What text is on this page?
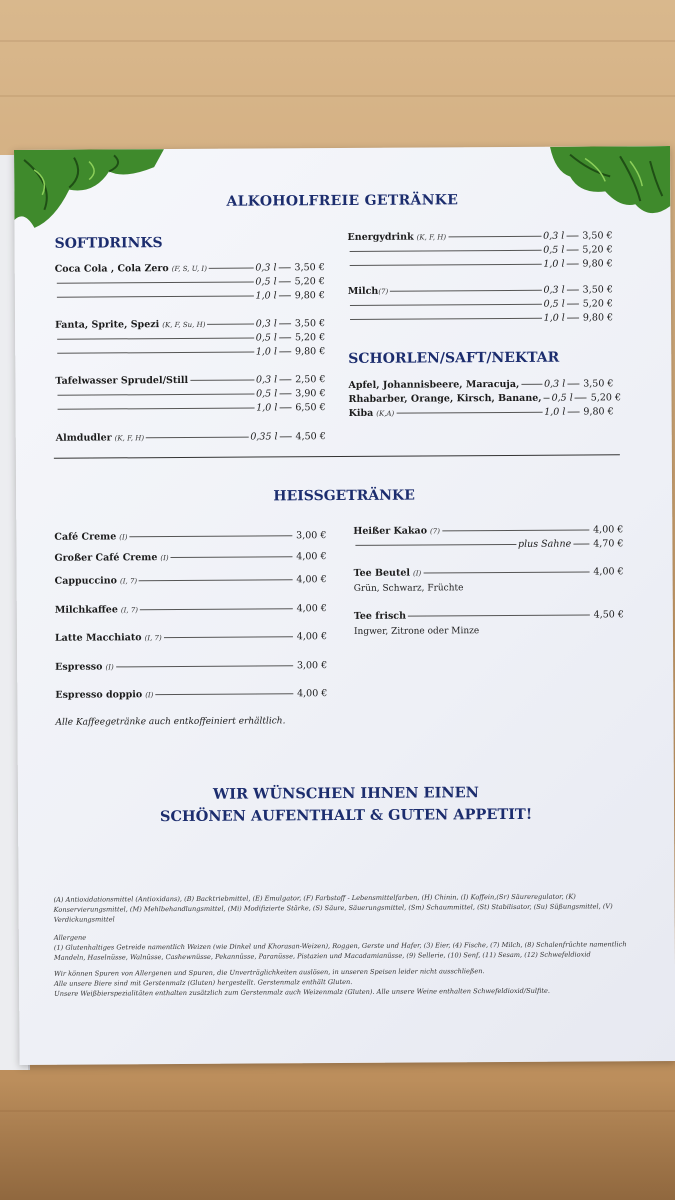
ALKOHOLFREIE GETRÄNKE
SOFTDRINKS
Coca Cola , Cola Zero (F, S, U, I)	0,3 l 3,50 €
0,5 l 5,20 €
1,0 l 9,80 €
Fanta, Sprite, Spezi (K, F, Su, H)	0,3 l 3,50 €
0,5 l 5,20 €
1,0 l 9,80 €
Tafelwasser Sprudel/Still	0,3 l 2,50 €
0,5 l 3,90 €
1,0 l 6,50 €
Almdudler (K, F, H)	0,35 l 4,50 €
Energydrink (K, F, H)	0,3 l 3,50 €
0,5 l 5,20 €
1,0 l 9,80 €
Milch (7)	0,3 l 3,50 €
0,5 l 5,20 €
1,0 l 9,80 €
SCHORLEN/SAFT/NEKTAR
Apfel, Johannisbeere, Maracuja,	0,3 l 3,50 €
Rhabarber, Orange, Kirsch, Banane, 0,5 l 5,20 €
Kiba (K,A)	1,0 l 9,80 €
HEISSGETRÄNKE
Café Creme (I)	3,00 €
Großer Café Creme (I)	4,00 €
Cappuccino (I, 7)	4,00 €
Milchkaffee (I, 7)	4,00 €
Latte Macchiato (I, 7)	4,00 €
Espresso (I)	3,00 €
Espresso doppio (I)	4,00 €
Alle Kaffeegetränke auch entkoffeiniert erhältlich.
Heißer Kakao (7)	4,00 €
plus Sahne 4,70 €
Tee Beutel (I)	4,00 €
Grün, Schwarz, Früchte
Tee frisch	4,50 €
Ingwer, Zitrone oder Minze
WIR WÜNSCHEN IHNEN EINEN
SCHÖNEN AUFENTHALT & GUTEN APPETIT!

(A) Antioxidationsmittel (Antioxidans), (B) Backtriebmittel, (E) Emulgator, (F) Farbstoff - Lebensmittelfarben, (H) Chinin, (I) Koffein,(Sr) Säureregulator, (K) Konservierungsmittel, (M) Mehlbehandlungsmittel, (Mi) Modifizierte Stärke, (S) Säure, Säuerungsmittel, (Sm) Schaummittel, (St) Stabilisator, (Su) Süßungsmittel, (V) Verdickungsmittel

Allergene

(1) Glutenhaltiges Getreide namentlich Weizen (wie Dinkel und Khorasan-Weizen), Roggen, Gerste und Hafer, (3) Eier, (4) Fische, (7) Milch, (8) Schalenfrüchte namentlich Mandeln, Haselnüsse, Walnüsse, Cashewnüsse, Pekannüsse, Paranüsse, Pistazien und Macadamianüsse, (9) Sellerie, (10) Senf, (11) Sesam, (12) Schwefeldioxid

Wir können Spuren von Allergenen und Spuren, die Unverträglichkeiten auslösen, in unseren Speisen leider nicht ausschließen.

Alle unsere Biere sind mit Gerstenmalz (Gluten) hergestellt. Gerstenmalz enthält Gluten.

Unsere Weißbierspezialitäten enthalten zusätzlich zum Gerstenmalz auch Weizenmalz (Gluten). Alle unsere Weine enthalten Schwefeldioxid/Sulfite.
